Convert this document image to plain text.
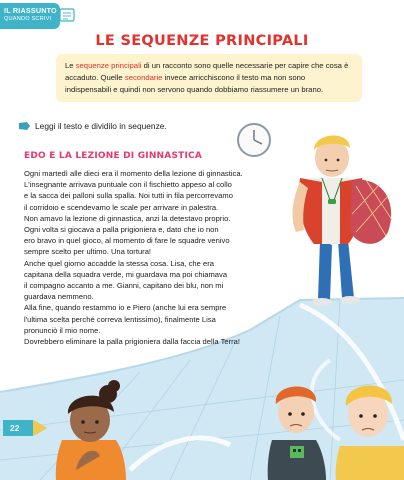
IL RIASSUNTO
QUANDO SCRIVI
LE SEQUENZE PRINCIPALI
Le sequenze principali di un racconto sono quelle necessarie per capire che cosa è accaduto. Quelle secondarie invece arricchiscono il testo ma non sono indispensabili e quindi non servono quando dobbiamo riassumere un brano.
Leggi il testo e dividilo in sequenze.
EDO E LA LEZIONE DI GINNASTICA

Ogni martedì alle dieci era il momento della lezione di ginnastica.

L'insegnante arrivava puntuale con il fischietto appeso al collo

e la sacca dei palloni sulla spalla. Noi tutti in fila percorrevamo

il corridoio e scendevamo le scale per arrivare in palestra.

Non amavo la lezione di ginnastica, anzi la detestavo proprio.

Ogni volta si giocava a palla prigioniera e, dato che io non

ero bravo in quel gioco, al momento di fare le squadre venivo

sempre scelto per ultimo. Una tortura!

Anche quel giorno accadde la stessa cosa. Lisa, che era

capitana della squadra verde, mi guardava ma poi chiamava

il compagno accanto a me. Gianni, capitano dei blu, non mi

guardava nemmeno.

Alla fine, quando restammo io e Piero (anche lui era sempre

l'ultima scelta perché correva lentissimo), finalmente Lisa

pronunciò il mio nome.

Dovrebbero eliminare la palla prigioniera dalla faccia della Terra!

22
